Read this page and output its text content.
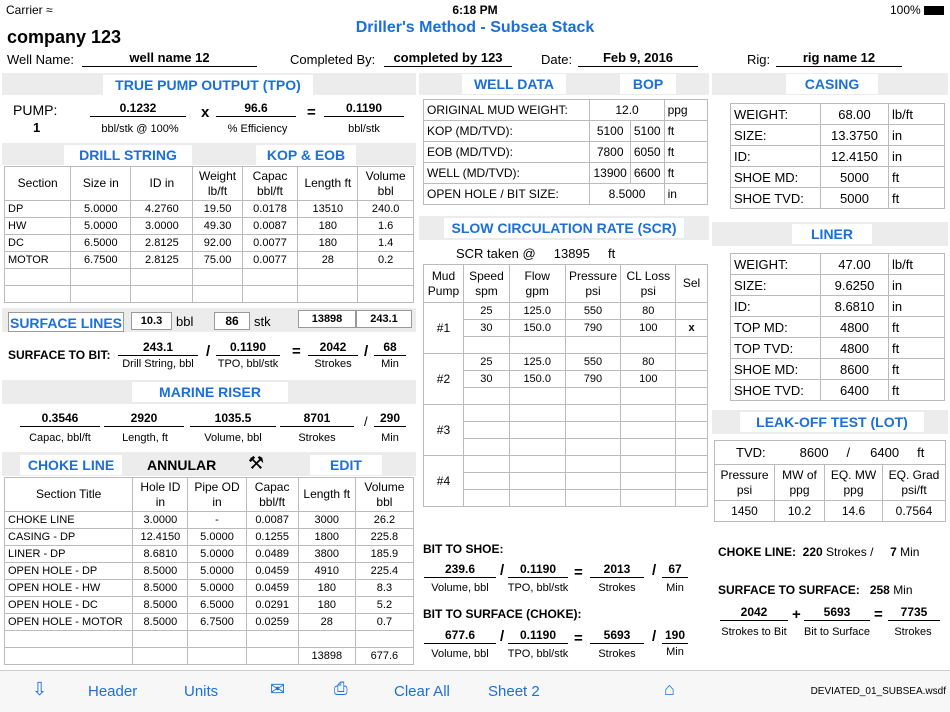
Carrier ≈	6:18 PM	100%
Driller's Method - Subsea Stack
company 123
Well Name:	well name 12	Completed By:	completed by 123	Date:	Feb 9, 2016	Rig:	rig name 12
TRUE PUMP OUTPUT (TPO)
PUMP:
1
0.1232	x	96.6	=	0.1190
bbl/stk @ 100%	% Efficiency	bbl/stk
DRILL STRING	KOP & EOB
Section	Size in	ID in	Weight lb/ft	Capac bbl/ft	Length ft	Volume bbl
DP	5.0000	4.2760	19.50	0.0178	13510	240.0
HW	5.0000	3.0000	49.30	0.0087	180	1.6
DC	6.5000	2.8125	92.00	0.0077	180	1.4
MOTOR	6.7500	2.8125	75.00	0.0077	28	0.2

SURFACE LINES	10.3	bbl	86	stk	13898	243.1
SURFACE TO BIT:
243.1	/	0.1190	=	2042	/	68
Drill String, bbl	TPO, bbl/stk	Strokes	Min
MARINE RISER
0.3546	2920	1035.5	8701	/	290
Capac, bbl/ft	Length, ft	Volume, bbl	Strokes	Min
CHOKE LINE	ANNULAR ⚒	EDIT
Section Title	Hole ID in	Pipe OD in	Capac bbl/ft	Length ft	Volume bbl
CHOKE LINE	3.0000	-	0.0087	3000	26.2
CASING - DP	12.4150	5.0000	0.1255	1800	225.8
LINER - DP	8.6810	5.0000	0.0489	3800	185.9
OPEN HOLE - DP	8.5000	5.0000	0.0459	4910	225.4
OPEN HOLE - HW	8.5000	5.0000	0.0459	180	8.3
OPEN HOLE - DC	8.5000	6.5000	0.0291	180	5.2
OPEN HOLE - MOTOR	8.5000	6.7500	0.0259	28	0.7

				13898	677.6
WELL DATA	BOP
ORIGINAL MUD WEIGHT:	12.0		ppg
KOP (MD/TVD):	5100	5100	ft
EOB (MD/TVD):	7800	6050	ft
WELL (MD/TVD):	13900	6600	ft
OPEN HOLE / BIT SIZE:	8.5000		in
SLOW CIRCULATION RATE (SCR)
SCR taken @ 13895 ft
Mud Pump	Speed spm	Flow gpm	Pressure psi	CL Loss psi	Sel
#1	25	125.0	550	80	
	30	150.0	790	100	x

#2	25	125.0	550	80	
	30	150.0	790	100	

#3					

#4					

BIT TO SHOE:
239.6	/	0.1190	=	2013	/	67
Volume, bbl	TPO, bbl/stk	Strokes	Min
BIT TO SURFACE (CHOKE):
677.6	/	0.1190	=	5693	/ 190
Volume, bbl	TPO, bbl/stk	Strokes	Min
CASING
WEIGHT:	68.00	lb/ft
SIZE:	13.3750	in
ID:	12.4150	in
SHOE MD:	5000	ft
SHOE TVD:	5000	ft
LINER
WEIGHT:	47.00	lb/ft
SIZE:	9.6250	in
ID:	8.6810	in
TOP MD:	4800	ft
TOP TVD:	4800	ft
SHOE MD:	8600	ft
SHOE TVD:	6400	ft
LEAK-OFF TEST (LOT)
TVD: 8600 / 6400 ft			
Pressure psi	MW of ppg	EQ. MW ppg	EQ. Grad psi/ft
1450	10.2	14.6	0.7564
CHOKE LINE: 220 Strokes / 7 Min
SURFACE TO SURFACE: 258 Min
2042	+	5693	=	7735
Strokes to Bit	Bit to Surface	Strokes
⇩	Header	Units	✉	⎙	Clear All	Sheet 2	⌂	DEVIATED_01_SUBSEA.wsdf
